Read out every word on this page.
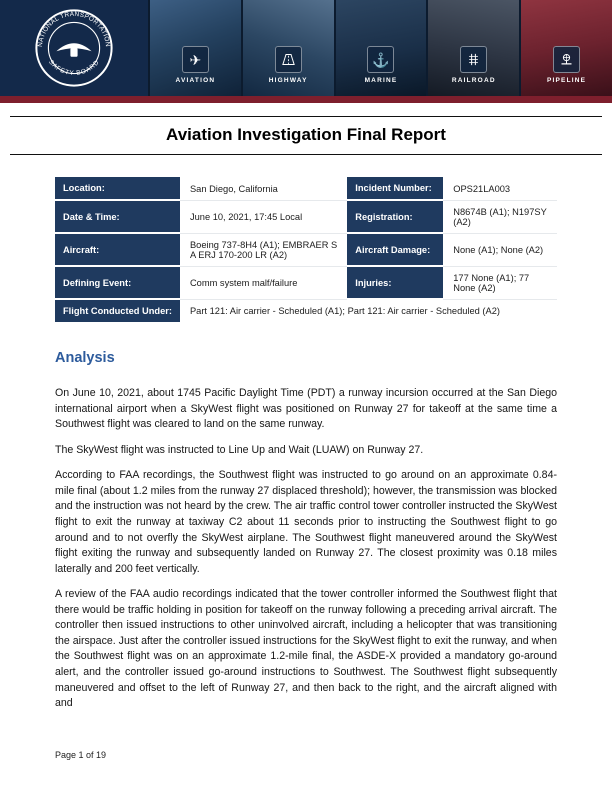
NATIONAL TRANSPORTATION
SAFETY BOARD	✈
AVIATION	HIGHWAY
⚓
MARINE	RAILROAD	PIPELINE
Aviation Investigation Final Report
Location:	San Diego, California	Incident Number:	OPS21LA003
Date & Time:	June 10, 2021, 17:45 Local	Registration:	N8674B (A1); N197SY (A2)
Aircraft:	Boeing 737-8H4 (A1); EMBRAER S A ERJ 170-200 LR (A2)	Aircraft Damage:	None (A1); None (A2)
Defining Event:	Comm system malf/failure	Injuries:	177 None (A1); 77 None (A2)
Flight Conducted Under:	Part 121: Air carrier - Scheduled (A1); Part 121: Air carrier - Scheduled (A2)		
Analysis

On June 10, 2021, about 1745 Pacific Daylight Time (PDT) a runway incursion occurred at the San Diego international airport when a SkyWest flight was positioned on Runway 27 for takeoff at the same time a Southwest flight was cleared to land on the same runway.

The SkyWest flight was instructed to Line Up and Wait (LUAW) on Runway 27.

According to FAA recordings, the Southwest flight was instructed to go around on an approximate 0.84-mile final (about 1.2 miles from the runway 27 displaced threshold); however, the transmission was blocked and the instruction was not heard by the crew. The air traffic control tower controller instructed the SkyWest flight to exit the runway at taxiway C2 about 11 seconds prior to instructing the Southwest flight to go around and to not overfly the SkyWest airplane. The Southwest flight maneuvered around the SkyWest flight exiting the runway and subsequently landed on Runway 27. The closest proximity was 0.18 miles laterally and 200 feet vertically.

A review of the FAA audio recordings indicated that the tower controller informed the Southwest flight that there would be traffic holding in position for takeoff on the runway following a preceding arrival aircraft. The controller then issued instructions to other uninvolved aircraft, including a helicopter that was transitioning the airspace. Just after the controller issued instructions for the SkyWest flight to exit the runway, and when the Southwest flight was on an approximate 1.2-mile final, the ASDE-X provided a mandatory go-around alert, and the controller issued go-around instructions to Southwest. The Southwest flight subsequently maneuvered and offset to the left of Runway 27, and then back to the right, and the aircraft aligned with and

Page 1 of 19
